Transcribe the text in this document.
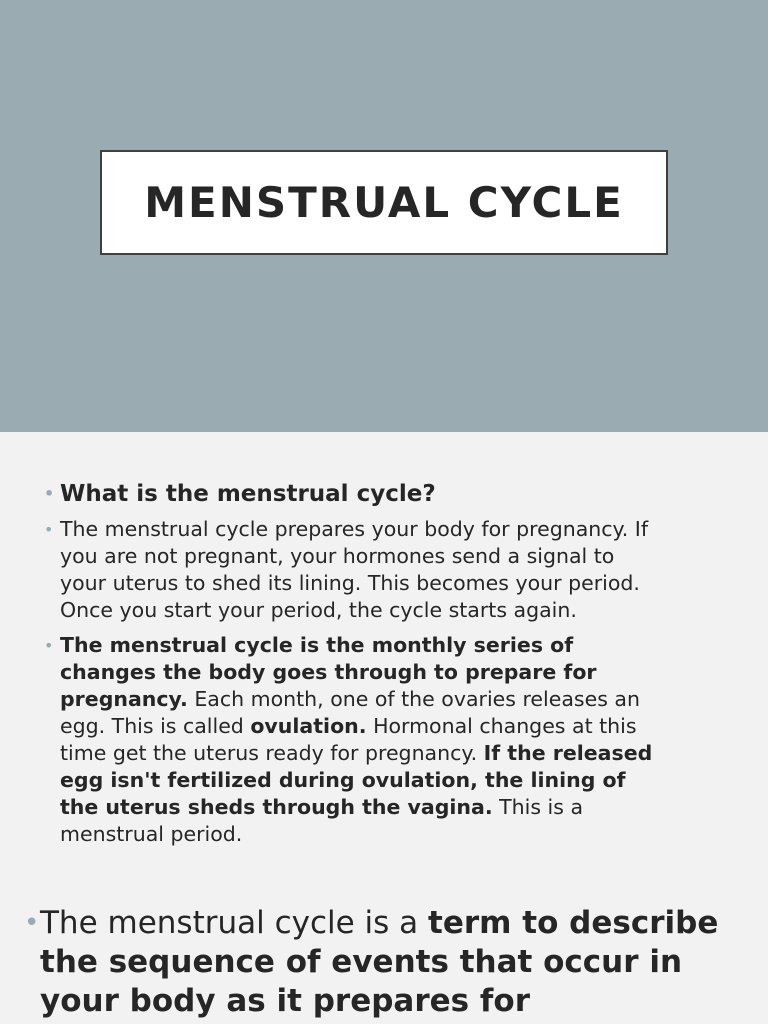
MENSTRUAL CYCLE
• What is the menstrual cycle?
• The menstrual cycle prepares your body for pregnancy. If you are not pregnant, your hormones send a signal to your uterus to shed its lining. This becomes your period. Once you start your period, the cycle starts again.
• The menstrual cycle is the monthly series of changes the body goes through to prepare for pregnancy. Each month, one of the ovaries releases an egg. This is called ovulation. Hormonal changes at this time get the uterus ready for pregnancy. If the released egg isn't fertilized during ovulation, the lining of the uterus sheds through the vagina. This is a menstrual period.
• The menstrual cycle is a term to describe the sequence of events that occur in your body as it prepares for
